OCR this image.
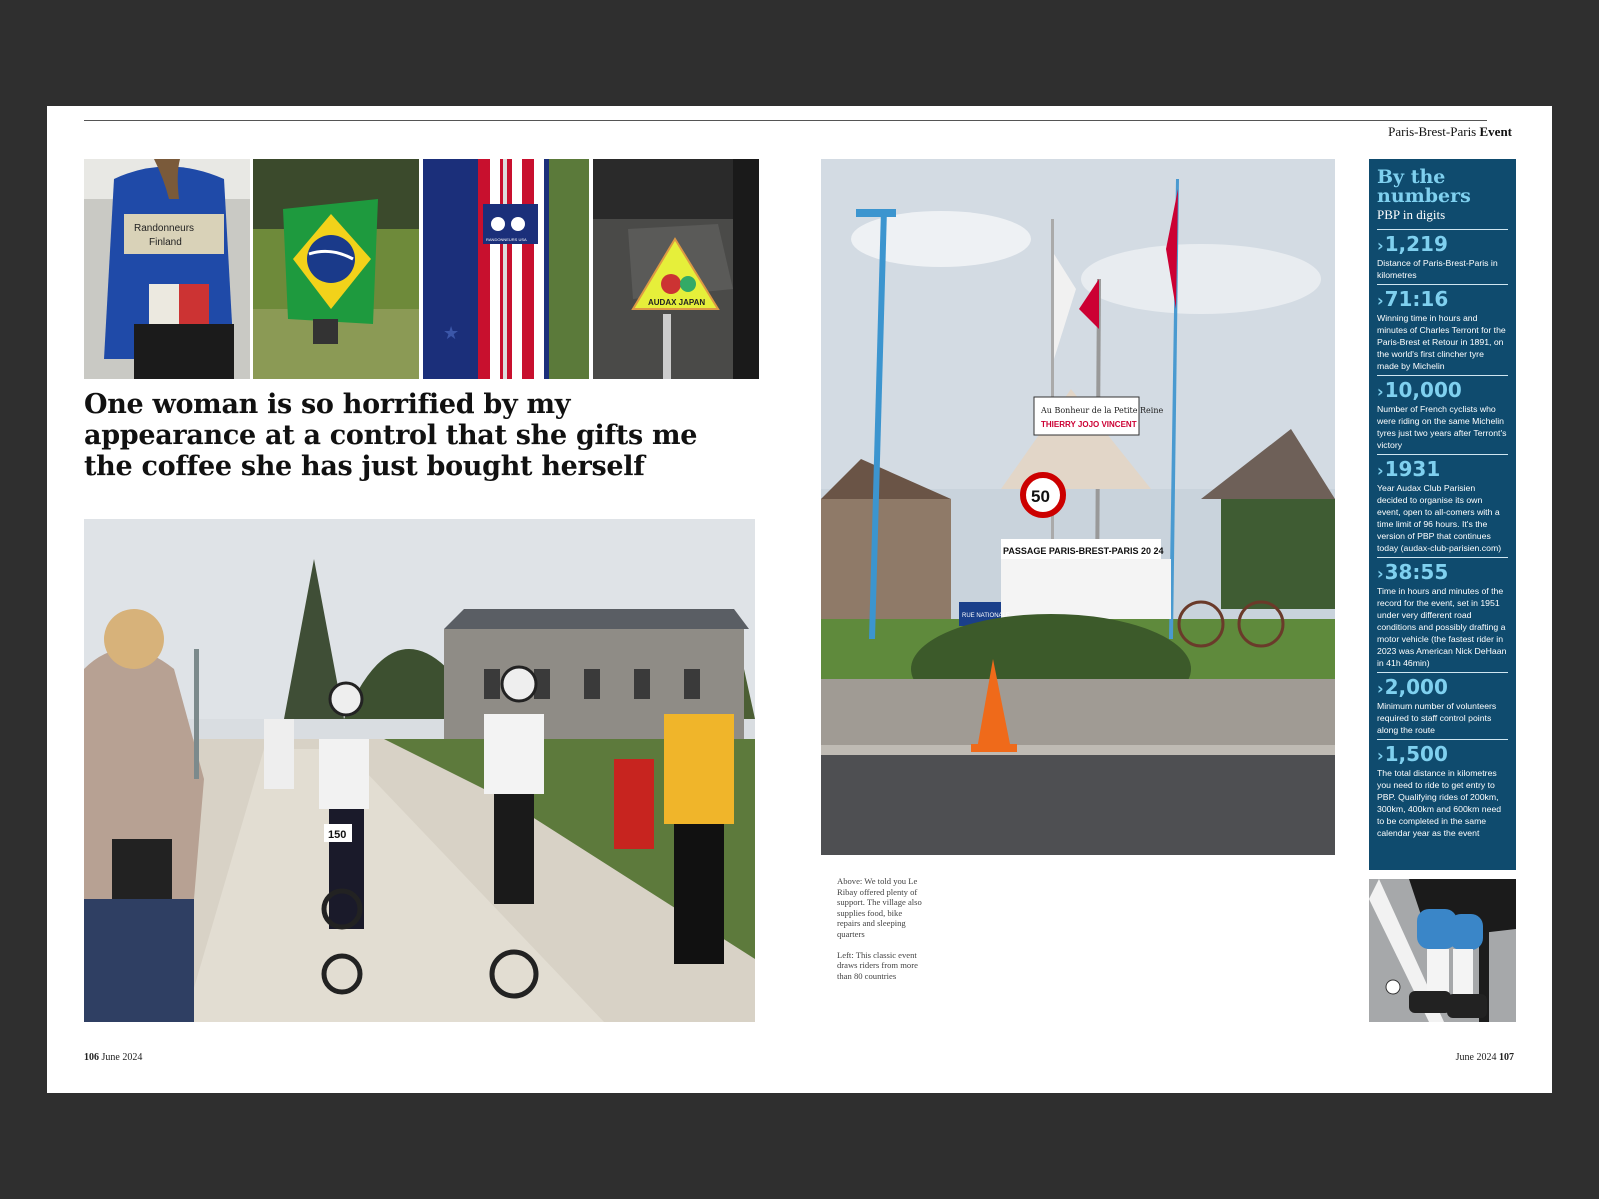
Paris-Brest-Paris Event
Randonneurs
Finland	RANDONNEURS USA
★
AUDAX JAPAN
One woman is so horrified by my appearance at a control that she gifts me the coffee she has just bought herself
150
Au Bonheur de la Petite Reine
THIERRY JOJO VINCENT
50
PASSAGE PARIS-BREST-PARIS 20 24
RUE NATIONALE

Above: We told you Le Ribay offered plenty of support. The village also supplies food, bike repairs and sleeping quarters

Left: This classic event draws riders from more than 80 countries

By the numbers
PBP in digits
›1,219
Distance of Paris-Brest-Paris in kilometres
›71:16
Winning time in hours and minutes of Charles Terront for the Paris-Brest et Retour in 1891, on the world's first clincher tyre made by Michelin
›10,000
Number of French cyclists who were riding on the same Michelin tyres just two years after Terront's victory
›1931
Year Audax Club Parisien decided to organise its own event, open to all-comers with a time limit of 96 hours. It's the version of PBP that continues today (audax-club-parisien.com)
›38:55
Time in hours and minutes of the record for the event, set in 1951 under very different road conditions and possibly drafting a motor vehicle (the fastest rider in 2023 was American Nick DeHaan in 41h 46min)
›2,000
Minimum number of volunteers required to staff control points along the route
›1,500
The total distance in kilometres you need to ride to get entry to PBP. Qualifying rides of 200km, 300km, 400km and 600km need to be completed in the same calendar year as the event
106 June 2024	June 2024 107
